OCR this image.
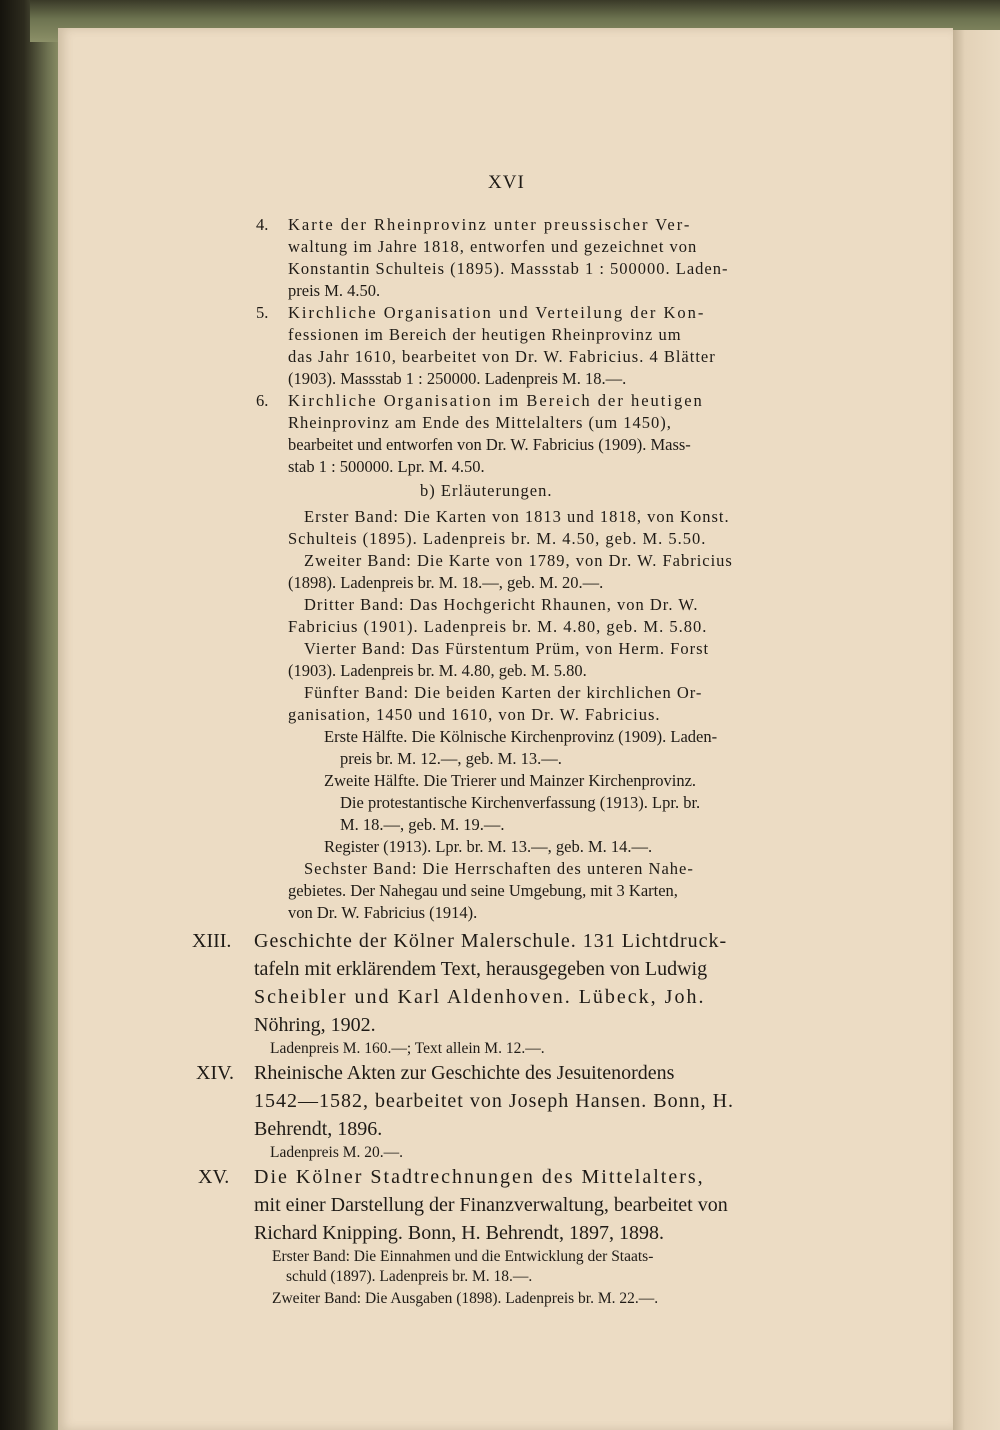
XVI
4. Karte der Rheinprovinz unter preussischer Ver-
waltung im Jahre 1818, entworfen und gezeichnet von
Konstantin Schulteis (1895). Massstab 1 : 500000. Laden-
preis M. 4.50.
5. Kirchliche Organisation und Verteilung der Kon-
fessionen im Bereich der heutigen Rheinprovinz um
das Jahr 1610, bearbeitet von Dr. W. Fabricius. 4 Blätter
(1903). Massstab 1 : 250000. Ladenpreis M. 18.—.
6. Kirchliche Organisation im Bereich der heutigen
Rheinprovinz am Ende des Mittelalters (um 1450),
bearbeitet und entworfen von Dr. W. Fabricius (1909). Mass-
stab 1 : 500000. Lpr. M. 4.50.
b) Erläuterungen.
Erster Band: Die Karten von 1813 und 1818, von Konst.
Schulteis (1895). Ladenpreis br. M. 4.50, geb. M. 5.50.
Zweiter Band: Die Karte von 1789, von Dr. W. Fabricius
(1898). Ladenpreis br. M. 18.—, geb. M. 20.—.
Dritter Band: Das Hochgericht Rhaunen, von Dr. W.
Fabricius (1901). Ladenpreis br. M. 4.80, geb. M. 5.80.
Vierter Band: Das Fürstentum Prüm, von Herm. Forst
(1903). Ladenpreis br. M. 4.80, geb. M. 5.80.
Fünfter Band: Die beiden Karten der kirchlichen Or-
ganisation, 1450 und 1610, von Dr. W. Fabricius.
Erste Hälfte. Die Kölnische Kirchenprovinz (1909). Laden-
preis br. M. 12.—, geb. M. 13.—.
Zweite Hälfte. Die Trierer und Mainzer Kirchenprovinz.
Die protestantische Kirchenverfassung (1913). Lpr. br.
M. 18.—, geb. M. 19.—.
Register (1913). Lpr. br. M. 13.—, geb. M. 14.—.
Sechster Band: Die Herrschaften des unteren Nahe-
gebietes. Der Nahegau und seine Umgebung, mit 3 Karten,
von Dr. W. Fabricius (1914).
XIII. Geschichte der Kölner Malerschule. 131 Lichtdruck-
tafeln mit erklärendem Text, herausgegeben von Ludwig
Scheibler und Karl Aldenhoven. Lübeck, Joh.
Nöhring, 1902.
Ladenpreis M. 160.—; Text allein M. 12.—.
XIV. Rheinische Akten zur Geschichte des Jesuitenordens
1542—1582, bearbeitet von Joseph Hansen. Bonn, H.
Behrendt, 1896.
Ladenpreis M. 20.—.
XV. Die Kölner Stadtrechnungen des Mittelalters,
mit einer Darstellung der Finanzverwaltung, bearbeitet von
Richard Knipping. Bonn, H. Behrendt, 1897, 1898.
Erster Band: Die Einnahmen und die Entwicklung der Staats-
schuld (1897). Ladenpreis br. M. 18.—.
Zweiter Band: Die Ausgaben (1898). Ladenpreis br. M. 22.—.
